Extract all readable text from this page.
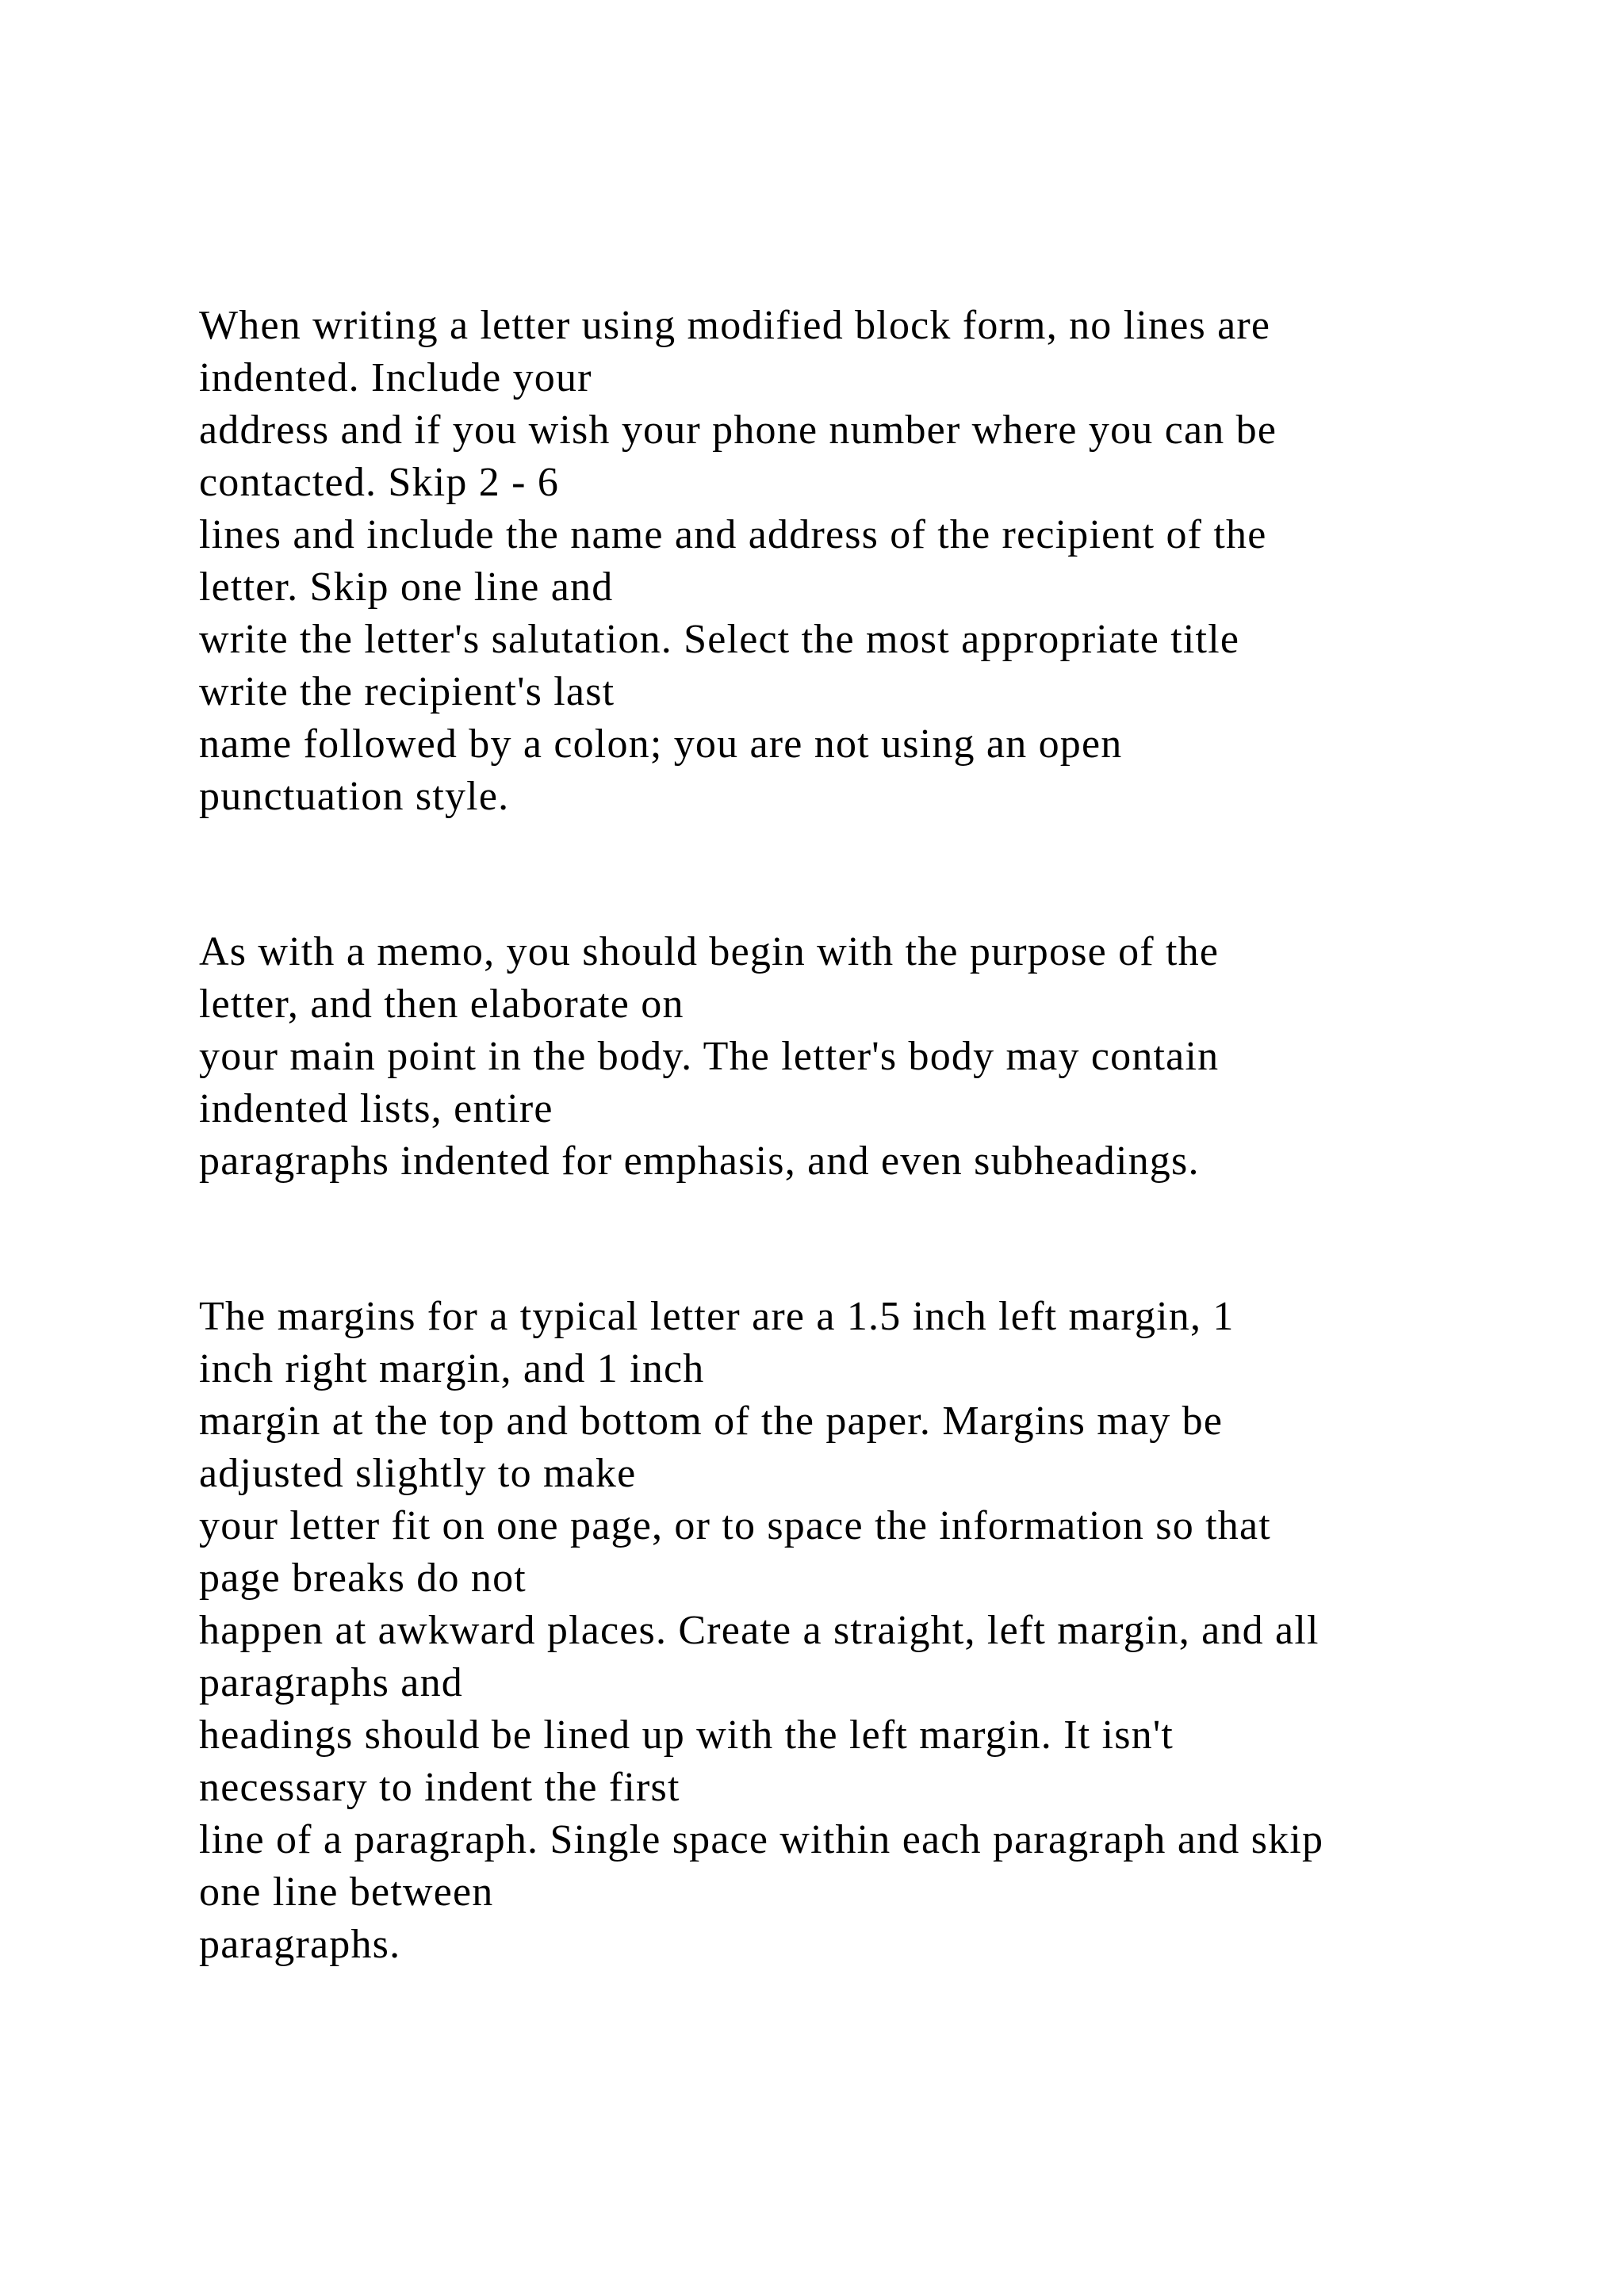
When writing a letter using modified block form, no lines are
indented. Include your
address and if you wish your phone number where you can be
contacted. Skip 2 - 6
lines and include the name and address of the recipient of the
letter. Skip one line and
write the letter's salutation. Select the most appropriate title
write the recipient's last
name followed by a colon; you are not using an open
punctuation style.

As with a memo, you should begin with the purpose of the
letter, and then elaborate on
your main point in the body. The letter's body may contain
indented lists, entire
paragraphs indented for emphasis, and even subheadings.

The margins for a typical letter are a 1.5 inch left margin, 1
inch right margin, and 1 inch
margin at the top and bottom of the paper. Margins may be
adjusted slightly to make
your letter fit on one page, or to space the information so that
page breaks do not
happen at awkward places. Create a straight, left margin, and all
paragraphs and
headings should be lined up with the left margin. It isn't
necessary to indent the first
line of a paragraph. Single space within each paragraph and skip
one line between
paragraphs.
